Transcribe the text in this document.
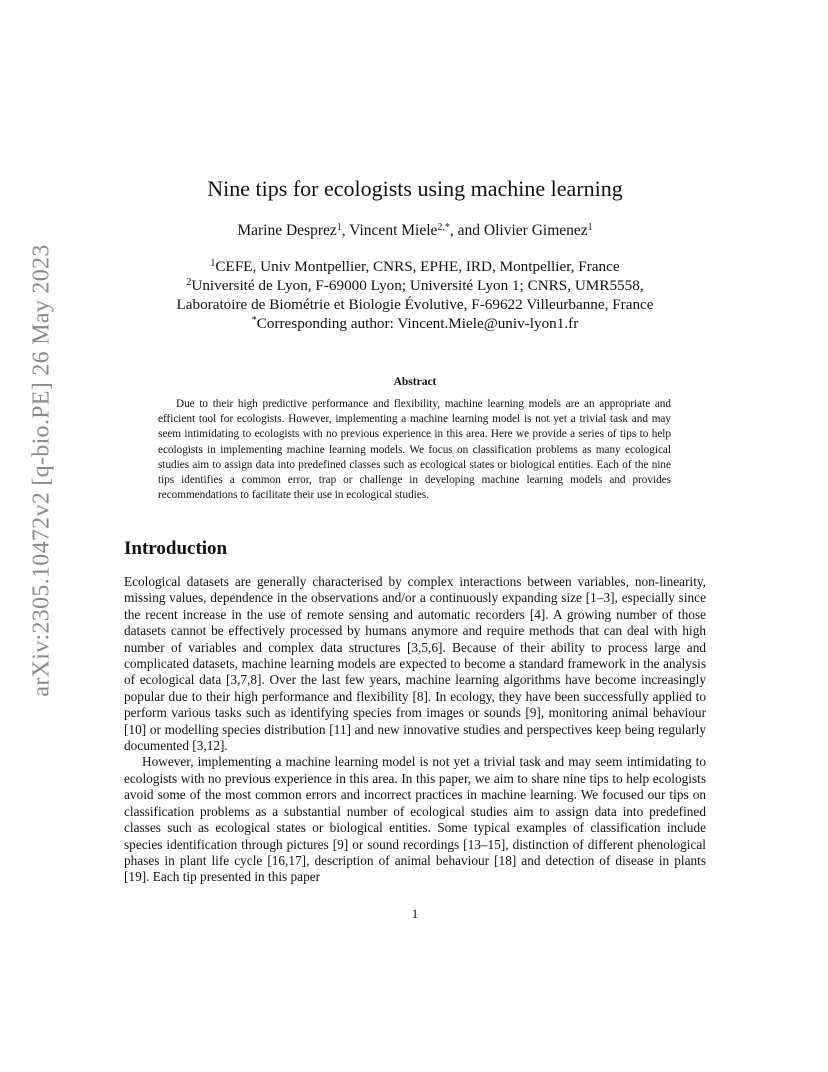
arXiv:2305.10472v2 [q-bio.PE] 26 May 2023
Nine tips for ecologists using machine learning
Marine Desprez$^1$, Vincent Miele$^{2,*}$, and Olivier Gimenez$^1$
$^1$CEFE, Univ Montpellier, CNRS, EPHE, IRD, Montpellier, France
$^2$Université de Lyon, F-69000 Lyon; Université Lyon 1; CNRS, UMR5558,
Laboratoire de Biométrie et Biologie Évolutive, F-69622 Villeurbanne, France
*Corresponding author: Vincent.Miele@univ-lyon1.fr
Abstract

Due to their high predictive performance and flexibility, machine learning models are an appropriate and efficient tool for ecologists. However, implementing a machine learning model is not yet a trivial task and may seem intimidating to ecologists with no previous experience in this area. Here we provide a series of tips to help ecologists in implementing machine learning models. We focus on classification problems as many ecological studies aim to assign data into predefined classes such as ecological states or biological entities. Each of the nine tips identifies a common error, trap or challenge in developing machine learning models and provides recommendations to facilitate their use in ecological studies.

Introduction

Ecological datasets are generally characterised by complex interactions between variables, non-linearity, missing values, dependence in the observations and/or a continuously expanding size [1–3], especially since the recent increase in the use of remote sensing and automatic recorders [4]. A growing number of those datasets cannot be effectively processed by humans anymore and require methods that can deal with high number of variables and complex data structures [3,5,6]. Because of their ability to process large and complicated datasets, machine learning models are expected to become a standard framework in the analysis of ecological data [3,7,8]. Over the last few years, machine learning algorithms have become increasingly popular due to their high performance and flexibility [8]. In ecology, they have been successfully applied to perform various tasks such as identifying species from images or sounds [9], monitoring animal behaviour [10] or modelling species distribution [11] and new innovative studies and perspectives keep being regularly documented [3,12].

However, implementing a machine learning model is not yet a trivial task and may seem intimidating to ecologists with no previous experience in this area. In this paper, we aim to share nine tips to help ecologists avoid some of the most common errors and incorrect practices in machine learning. We focused our tips on classification problems as a substantial number of ecological studies aim to assign data into predefined classes such as ecological states or biological entities. Some typical examples of classification include species identification through pictures [9] or sound recordings [13–15], distinction of different phenological phases in plant life cycle [16,17], description of animal behaviour [18] and detection of disease in plants [19]. Each tip presented in this paper

1
